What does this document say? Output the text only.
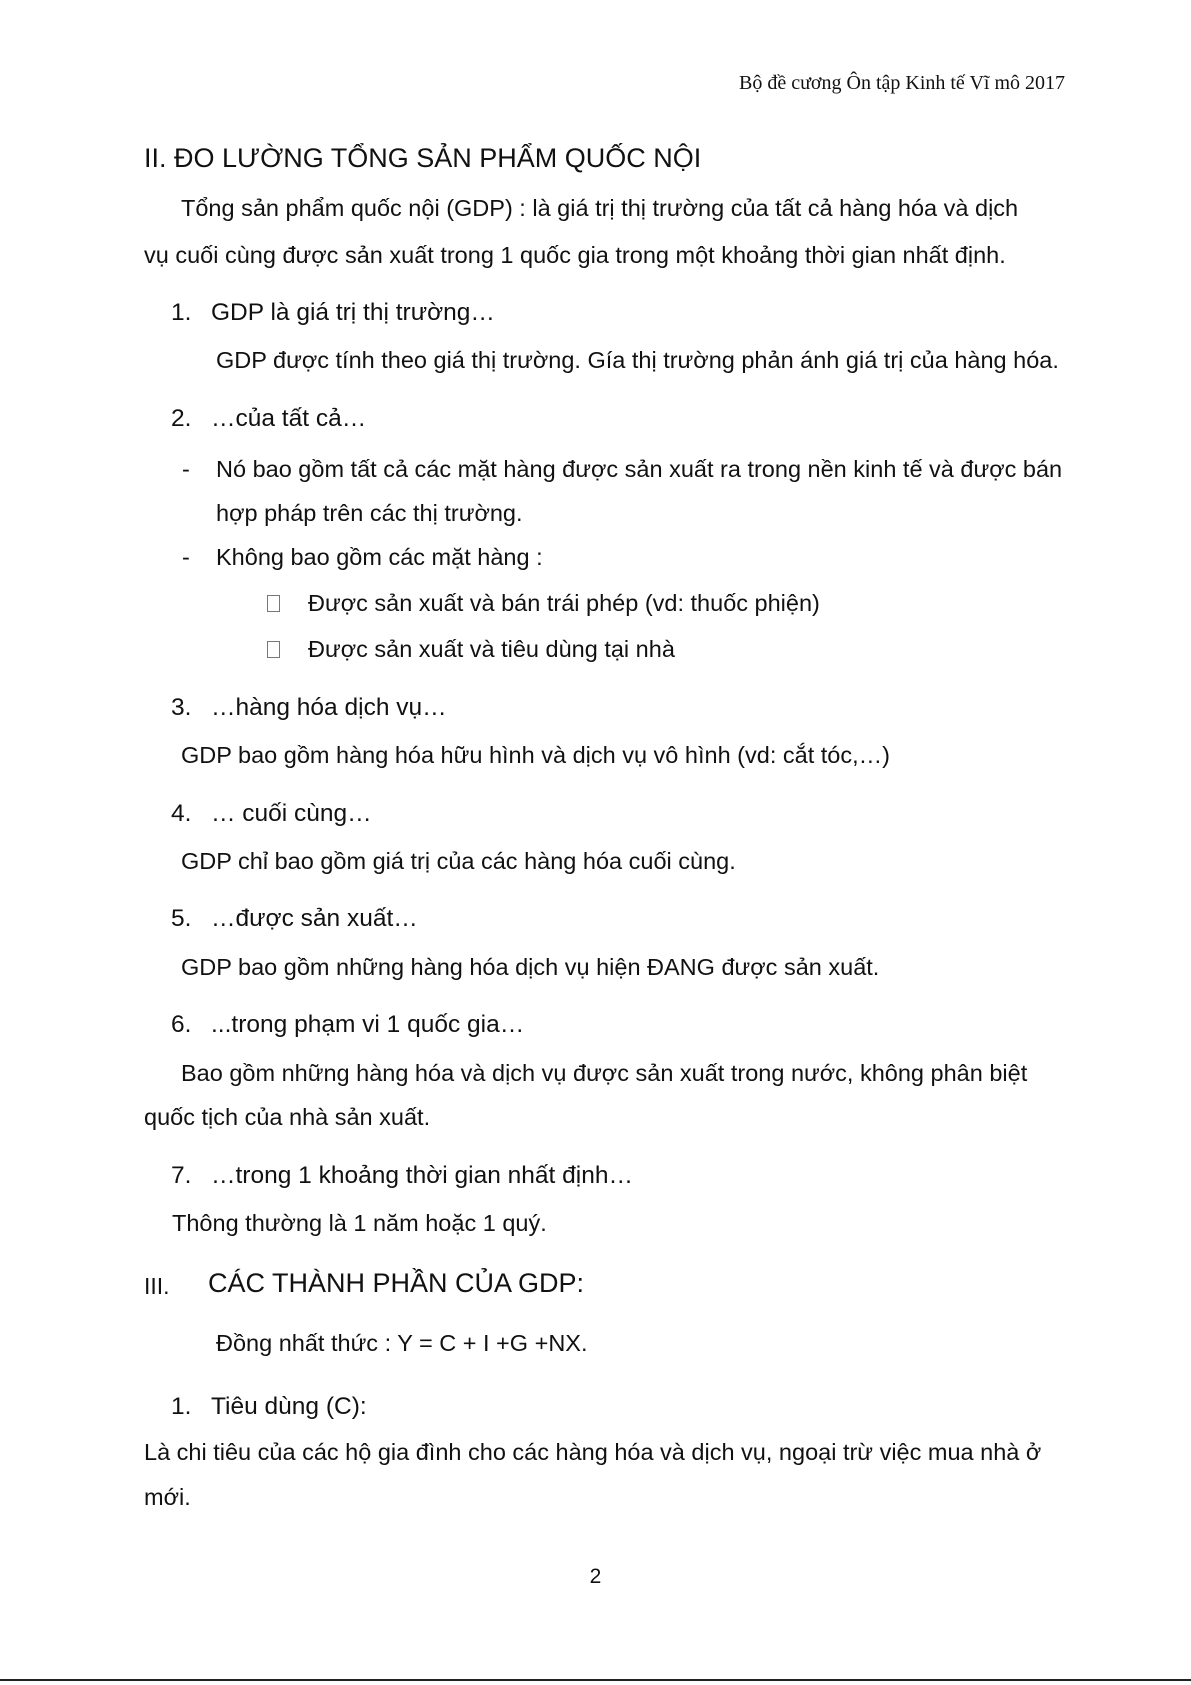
Bộ đề cương Ôn tập Kinh tế Vĩ mô 2017
II. ĐO LƯỜNG TỔNG SẢN PHẨM QUỐC NỘI
Tổng sản phẩm quốc nội (GDP) : là giá trị thị trường của tất cả hàng hóa và dịch
vụ cuối cùng được sản xuất trong 1 quốc gia trong một khoảng thời gian nhất định.
1. GDP là giá trị thị trường…
GDP được tính theo giá thị trường. Gía thị trường phản ánh giá trị của hàng hóa.
2. …của tất cả…
- Nó bao gồm tất cả các mặt hàng được sản xuất ra trong nền kinh tế và được bán
hợp pháp trên các thị trường.
- Không bao gồm các mặt hàng :
Được sản xuất và bán trái phép (vd: thuốc phiện)
Được sản xuất và tiêu dùng tại nhà
3. …hàng hóa dịch vụ…
GDP bao gồm hàng hóa hữu hình và dịch vụ vô hình (vd: cắt tóc,…)
4. … cuối cùng…
GDP chỉ bao gồm giá trị của các hàng hóa cuối cùng.
5. …được sản xuất…
GDP bao gồm những hàng hóa dịch vụ hiện ĐANG được sản xuất.
6. ...trong phạm vi 1 quốc gia…
Bao gồm những hàng hóa và dịch vụ được sản xuất trong nước, không phân biệt
quốc tịch của nhà sản xuất.
7. …trong 1 khoảng thời gian nhất định…
Thông thường là 1 năm hoặc 1 quý.
III. CÁC THÀNH PHẦN CỦA GDP:
Đồng nhất thức : Y = C + I +G +NX.
1. Tiêu dùng (C):
Là chi tiêu của các hộ gia đình cho các hàng hóa và dịch vụ, ngoại trừ việc mua nhà ở
mới.
2
